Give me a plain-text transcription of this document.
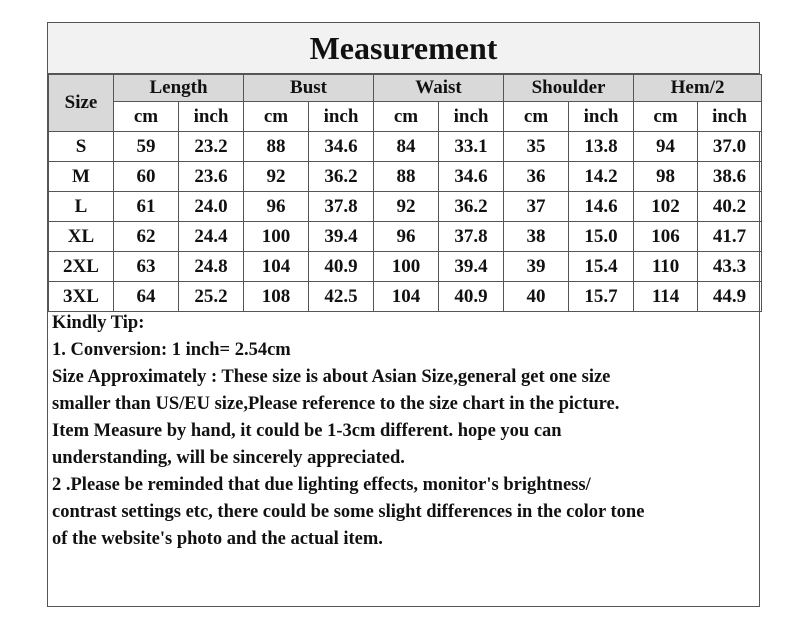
Measurement
Size	Length		Bust		Waist		Shoulder		Hem/2	
	cm	inch	cm	inch	cm	inch	cm	inch	cm	inch
S	59	23.2	88	34.6	84	33.1	35	13.8	94	37.0
M	60	23.6	92	36.2	88	34.6	36	14.2	98	38.6
L	61	24.0	96	37.8	92	36.2	37	14.6	102	40.2
XL	62	24.4	100	39.4	96	37.8	38	15.0	106	41.7
2XL	63	24.8	104	40.9	100	39.4	39	15.4	110	43.3
3XL	64	25.2	108	42.5	104	40.9	40	15.7	114	44.9
Kindly Tip:
1. Conversion: 1 inch= 2.54cm
Size Approximately : These size is about Asian Size,general get one size
smaller than US/EU size,Please reference to the size chart in the picture.
Item Measure by hand, it could be 1-3cm different. hope you can
understanding, will be sincerely appreciated.
2 .Please be reminded that due lighting effects, monitor's brightness/
contrast settings etc, there could be some slight differences in the color tone
of the website's photo and the actual item.
